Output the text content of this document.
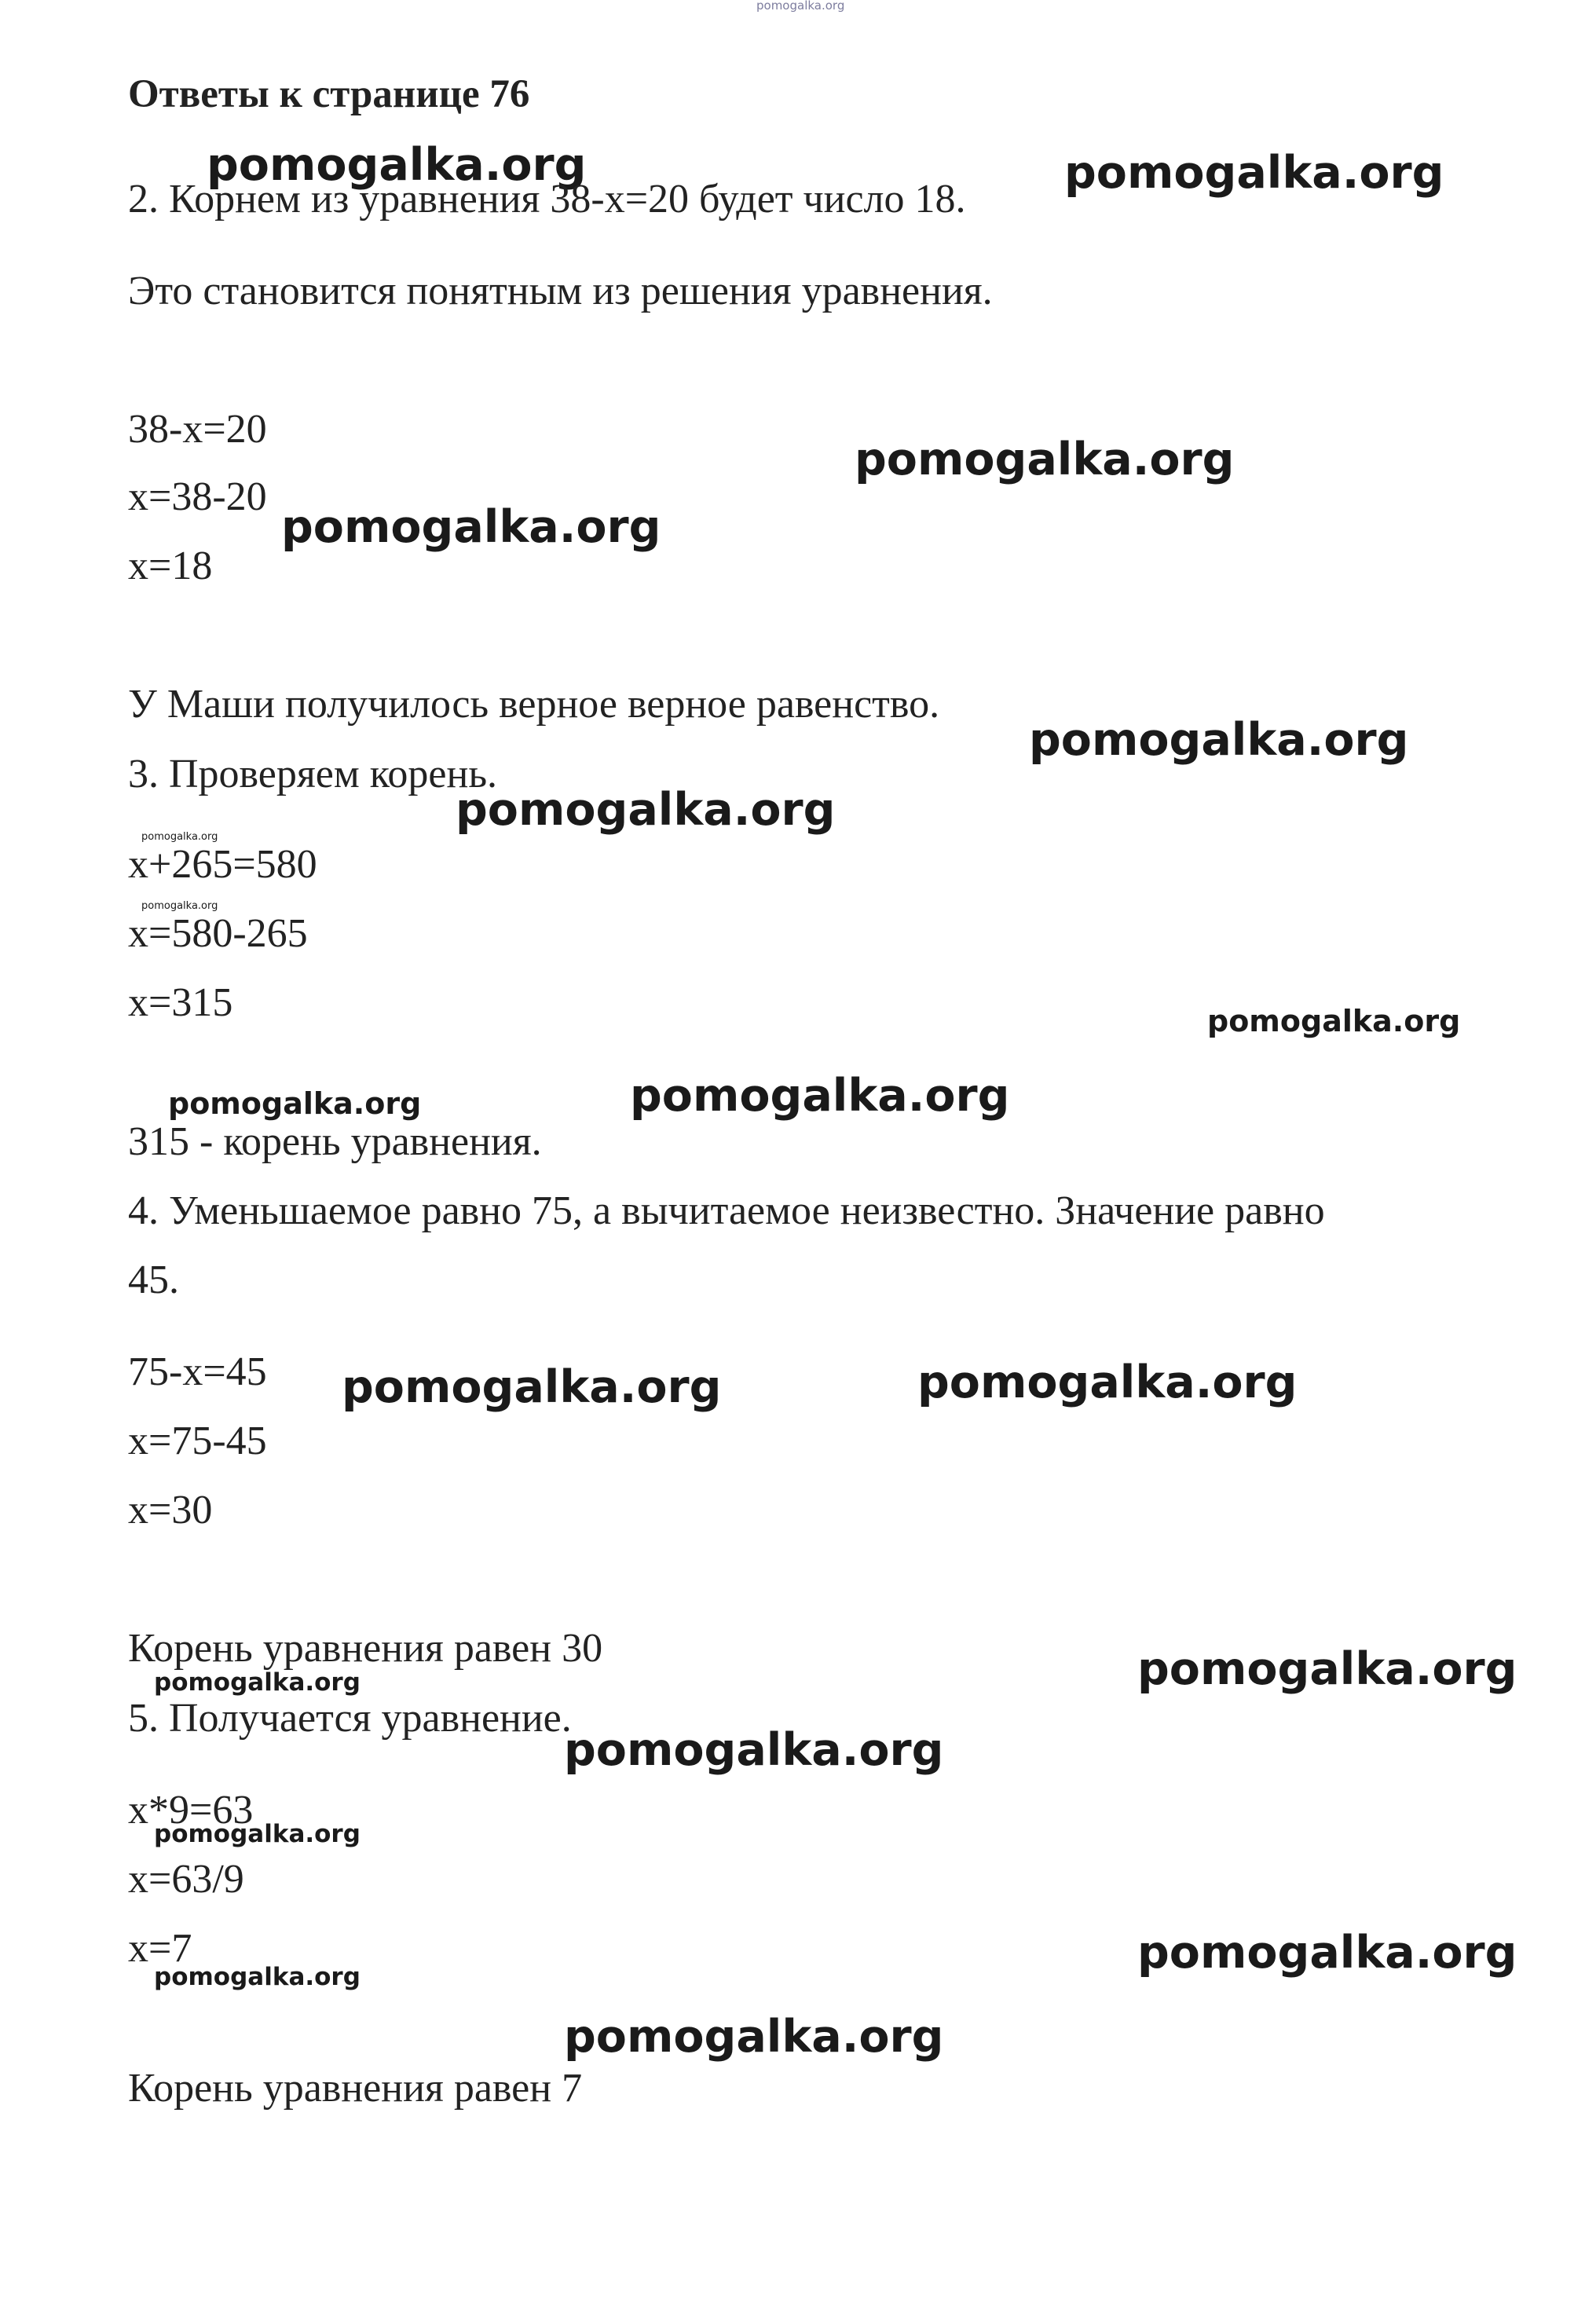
pomogalka.org
pomogalka.org	pomogalka.org
pomogalka.org
pomogalka.org
pomogalka.org
pomogalka.org
pomogalka.org
pomogalka.org
pomogalka.org
pomogalka.org	pomogalka.org
pomogalka.org	pomogalka.org
pomogalka.org
pomogalka.org
pomogalka.org
pomogalka.org
pomogalka.org
pomogalka.org
pomogalka.org
Ответы к странице 76
2. Корнем из уравнения 38-x=20 будет число 18.
Это становится понятным из решения уравнения.
38-x=20
x=38-20
x=18
У Маши получилось верное верное равенство.
3. Проверяем корень.
x+265=580
x=580-265
x=315
315 - корень уравнения.
4. Уменьшаемое равно 75, а вычитаемое неизвестно. Значение равно
45.
75-x=45
x=75-45
x=30
Корень уравнения равен 30
5. Получается уравнение.
x*9=63
x=63/9
x=7
Корень уравнения равен 7
